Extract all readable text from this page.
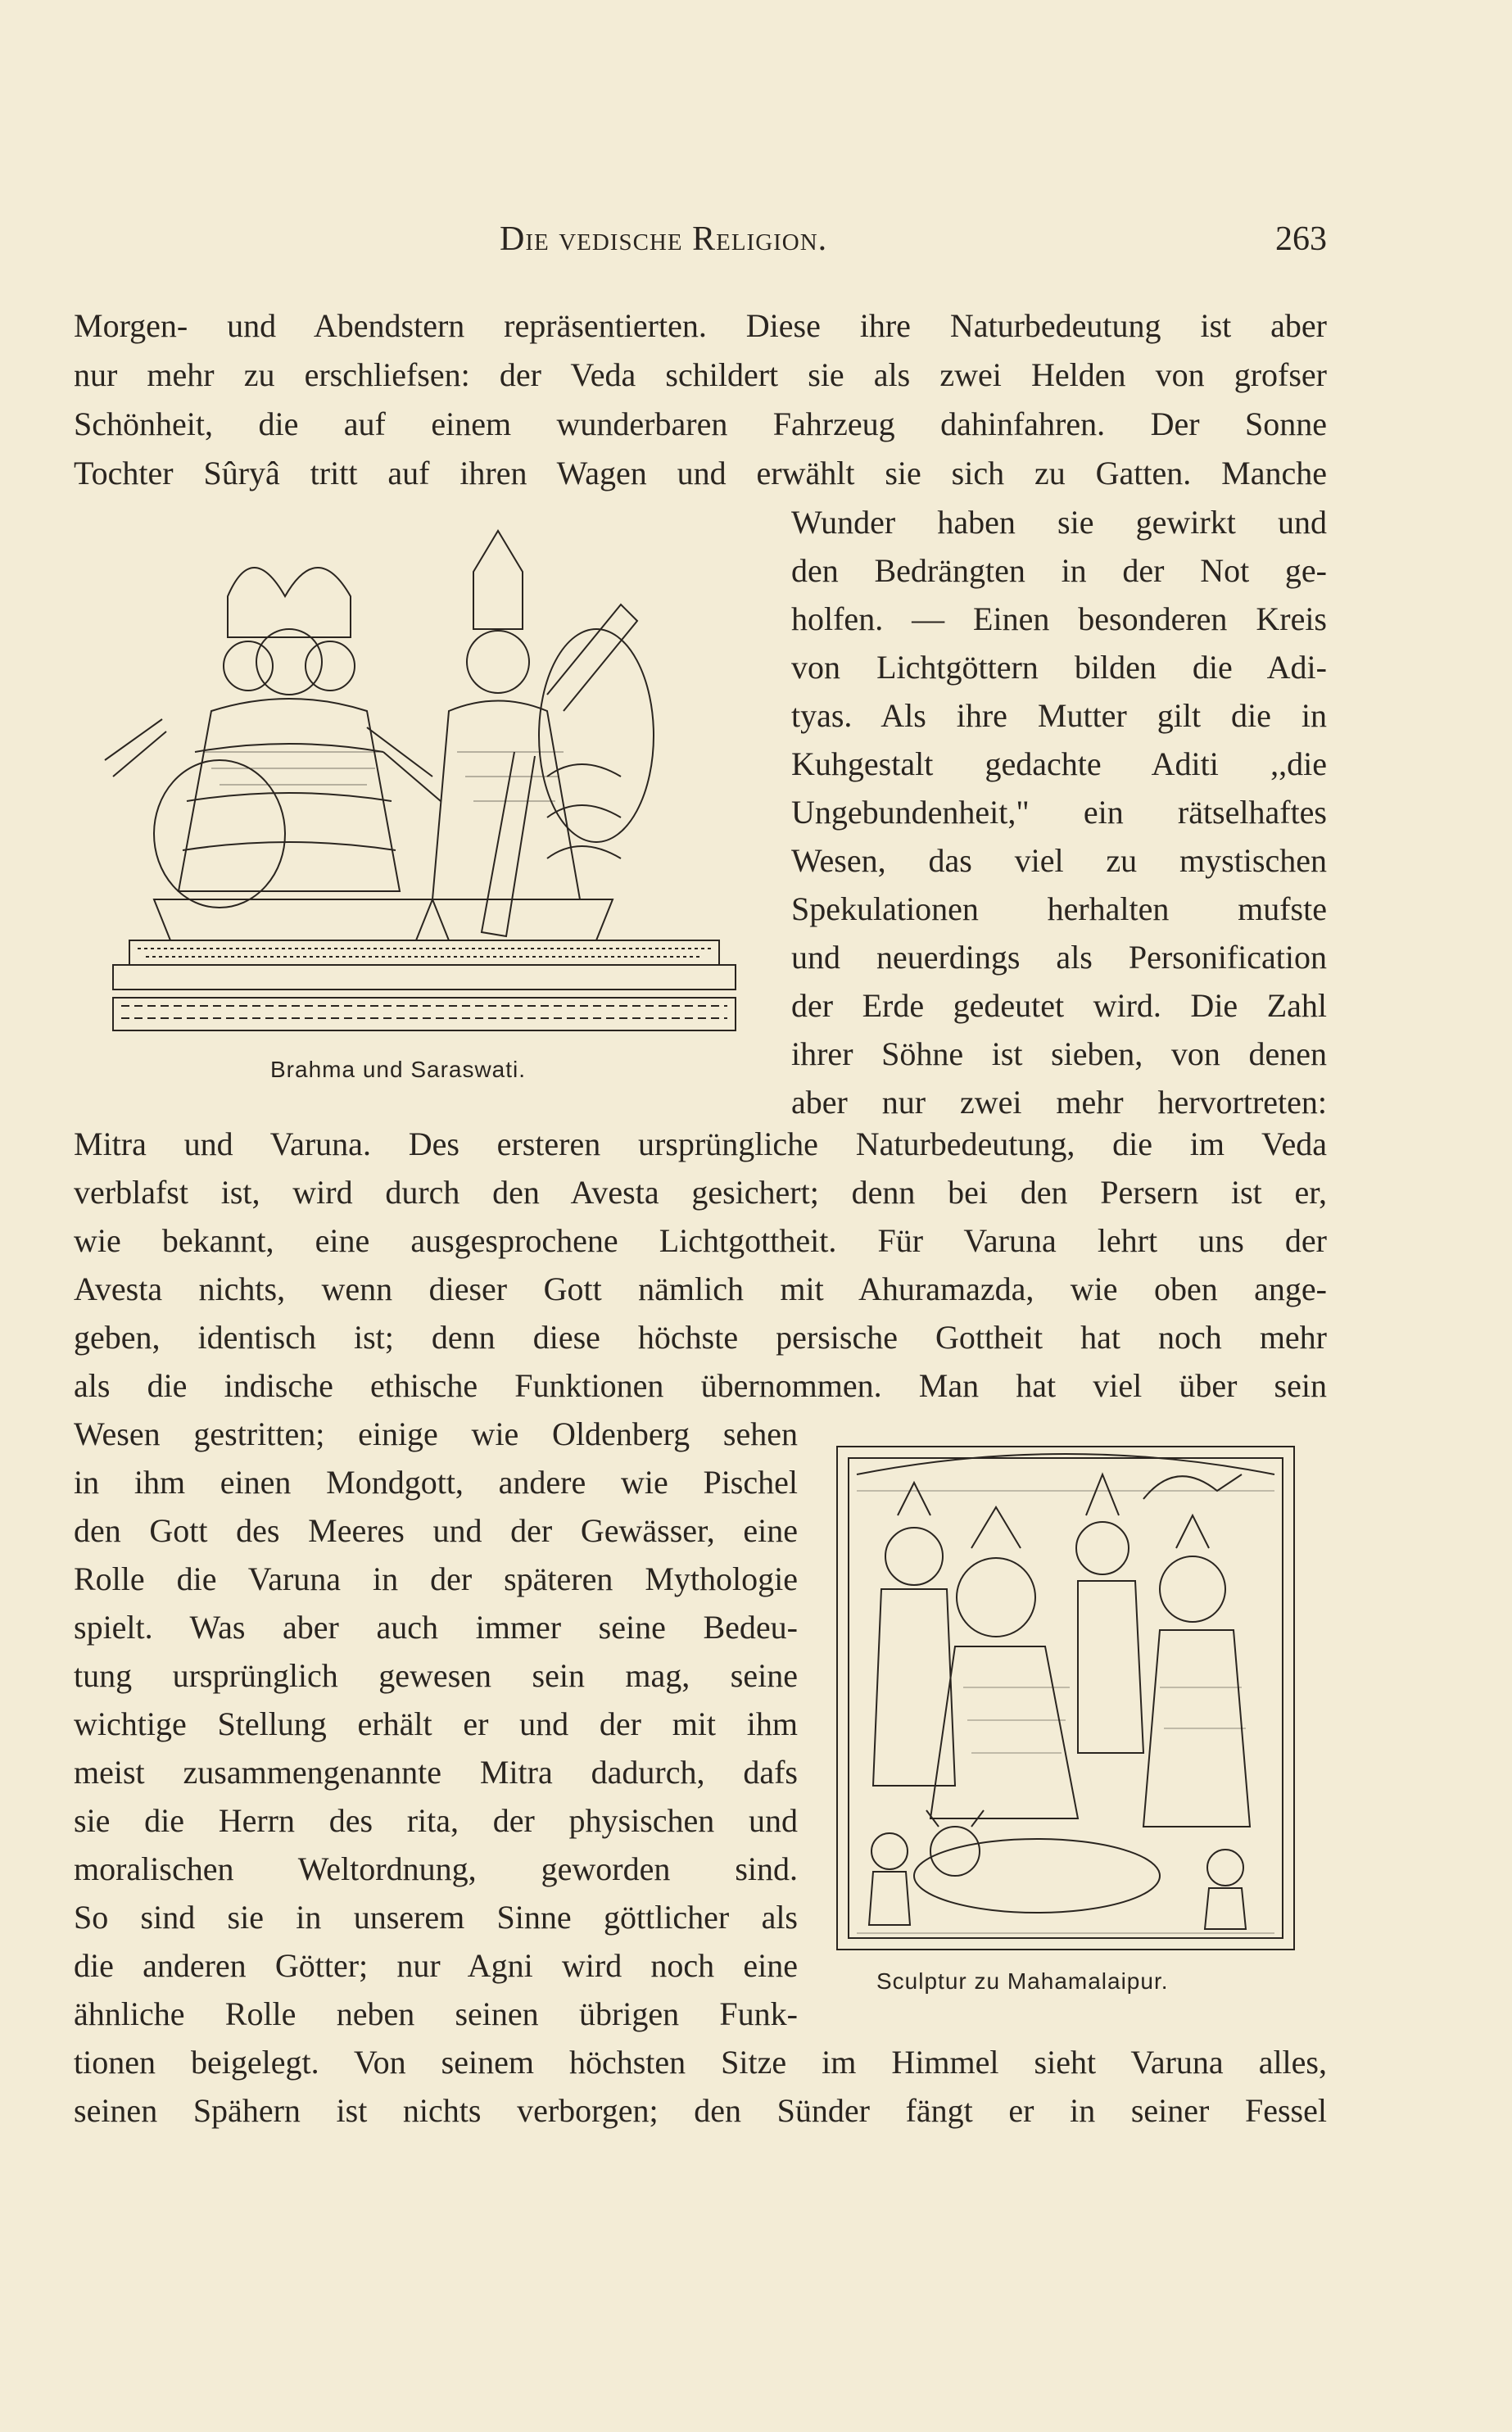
Die vedische Religion.	263
Morgen- und Abendstern repräsentierten. Diese ihre Naturbedeutung ist aber
nur mehr zu erschliefsen: der Veda schildert sie als zwei Helden von grofser
Schönheit, die auf einem wunderbaren Fahrzeug dahinfahren. Der Sonne
Tochter Sûryâ tritt auf ihren Wagen und erwählt sie sich zu Gatten. Manche
Brahma und Saraswati.
Wunder haben sie gewirkt und
den Bedrängten in der Not ge-
holfen. — Einen besonderen Kreis
von Lichtgöttern bilden die Adi-
tyas. Als ihre Mutter gilt die in
Kuhgestalt gedachte Aditi ,,die
Ungebundenheit," ein rätselhaftes
Wesen, das viel zu mystischen
Spekulationen herhalten mufste
und neuerdings als Personification
der Erde gedeutet wird. Die Zahl
ihrer Söhne ist sieben, von denen
aber nur zwei mehr hervortreten:
Mitra und Varuna. Des ersteren ursprüngliche Naturbedeutung, die im Veda
verblafst ist, wird durch den Avesta gesichert; denn bei den Persern ist er,
wie bekannt, eine ausgesprochene Lichtgottheit. Für Varuna lehrt uns der
Avesta nichts, wenn dieser Gott nämlich mit Ahuramazda, wie oben ange-
geben, identisch ist; denn diese höchste persische Gottheit hat noch mehr
als die indische ethische Funktionen übernommen. Man hat viel über sein
Wesen gestritten; einige wie Oldenberg sehen
in ihm einen Mondgott, andere wie Pischel
den Gott des Meeres und der Gewässer, eine
Rolle die Varuna in der späteren Mythologie
spielt. Was aber auch immer seine Bedeu-
tung ursprünglich gewesen sein mag, seine
wichtige Stellung erhält er und der mit ihm
meist zusammengenannte Mitra dadurch, dafs
sie die Herrn des rita, der physischen und
moralischen Weltordnung, geworden sind.
So sind sie in unserem Sinne göttlicher als
die anderen Götter; nur Agni wird noch eine
ähnliche Rolle neben seinen übrigen Funk-
Sculptur zu Mahamalaipur.
tionen beigelegt. Von seinem höchsten Sitze im Himmel sieht Varuna alles,
seinen Spähern ist nichts verborgen; den Sünder fängt er in seiner Fessel
